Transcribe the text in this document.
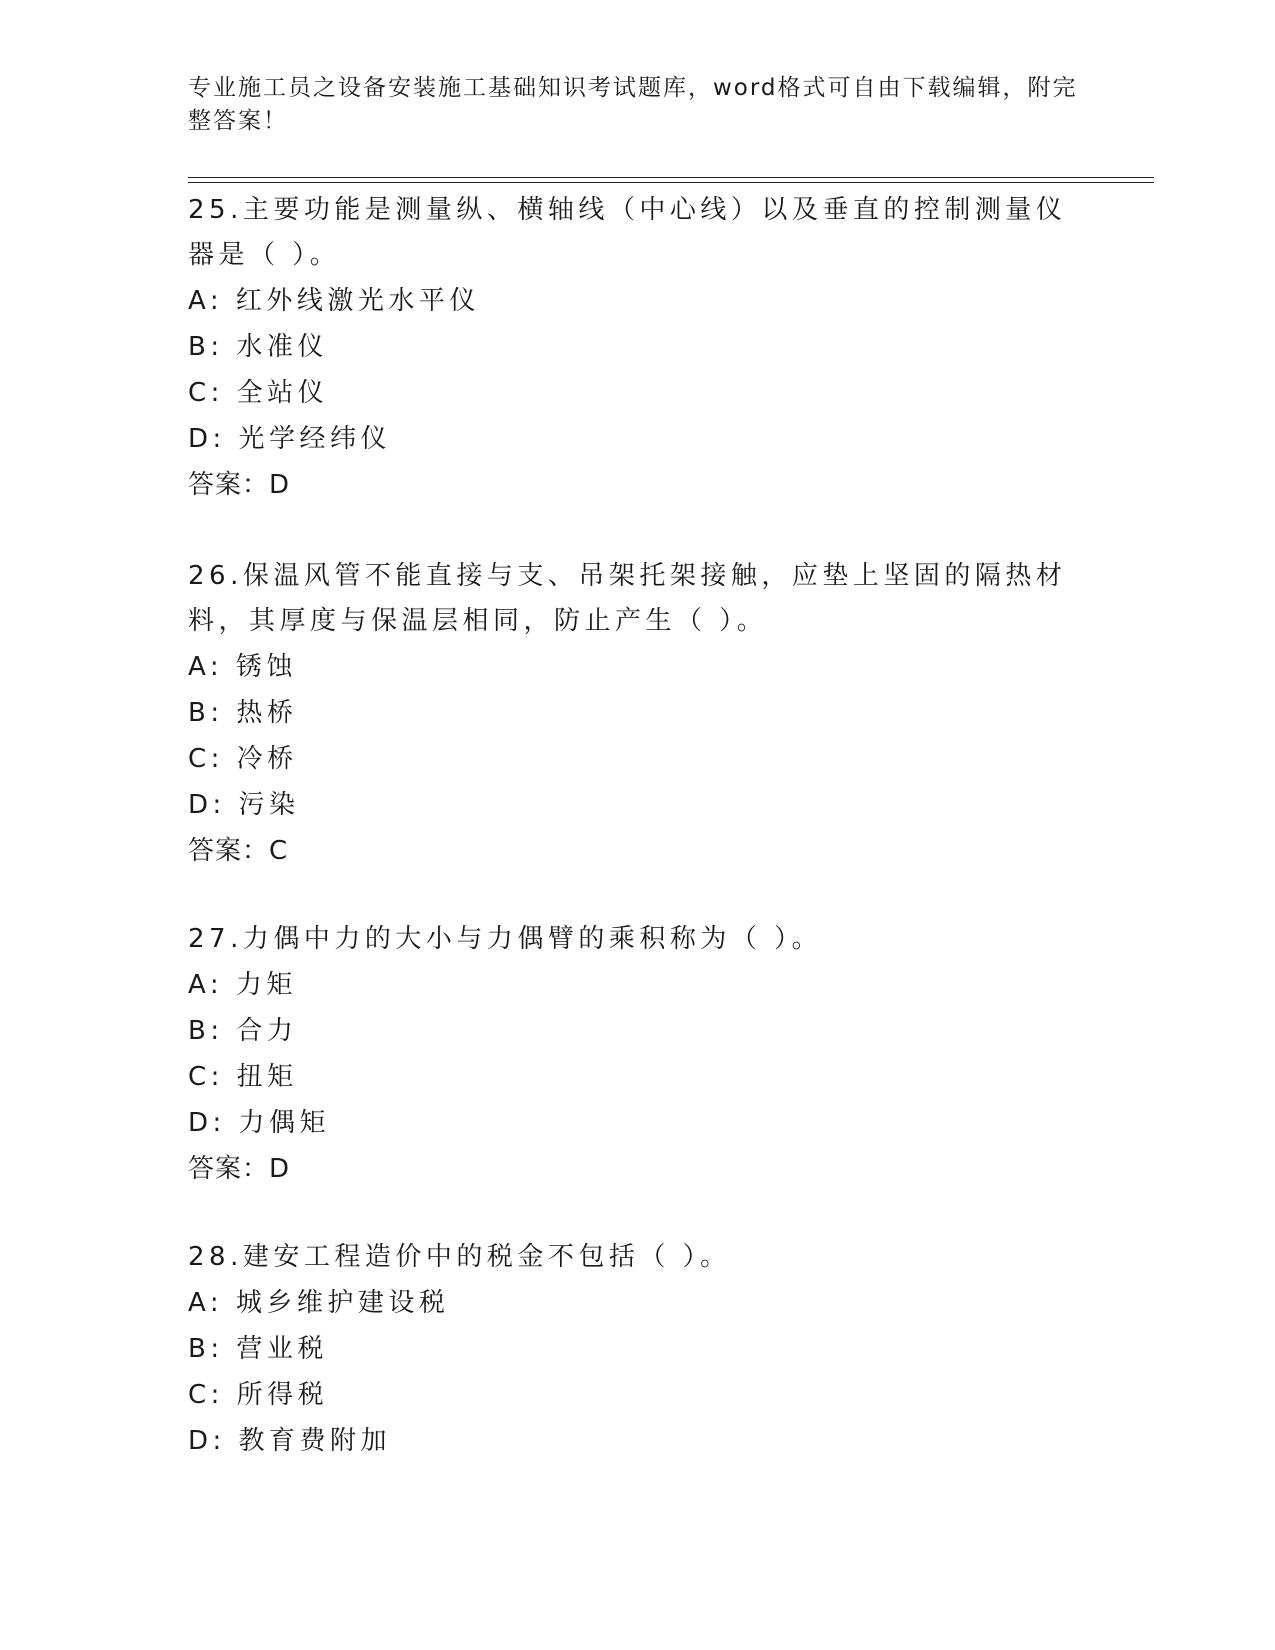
专业施工员之设备安装施工基础知识考试题库，word格式可自由下载编辑，附完整答案！

25.主要功能是测量纵、横轴线（中心线）以及垂直的控制测量仪器是（ ）。

A: 红外线激光水平仪

B: 水准仪

C: 全站仪

D: 光学经纬仪

答案：D

26.保温风管不能直接与支、吊架托架接触，应垫上坚固的隔热材料，其厚度与保温层相同，防止产生（ ）。

A: 锈蚀

B: 热桥

C: 冷桥

D: 污染

答案：C

27.力偶中力的大小与力偶臂的乘积称为（ ）。

A: 力矩

B: 合力

C: 扭矩

D: 力偶矩

答案：D

28.建安工程造价中的税金不包括（ ）。

A: 城乡维护建设税

B: 营业税

C: 所得税

D: 教育费附加
